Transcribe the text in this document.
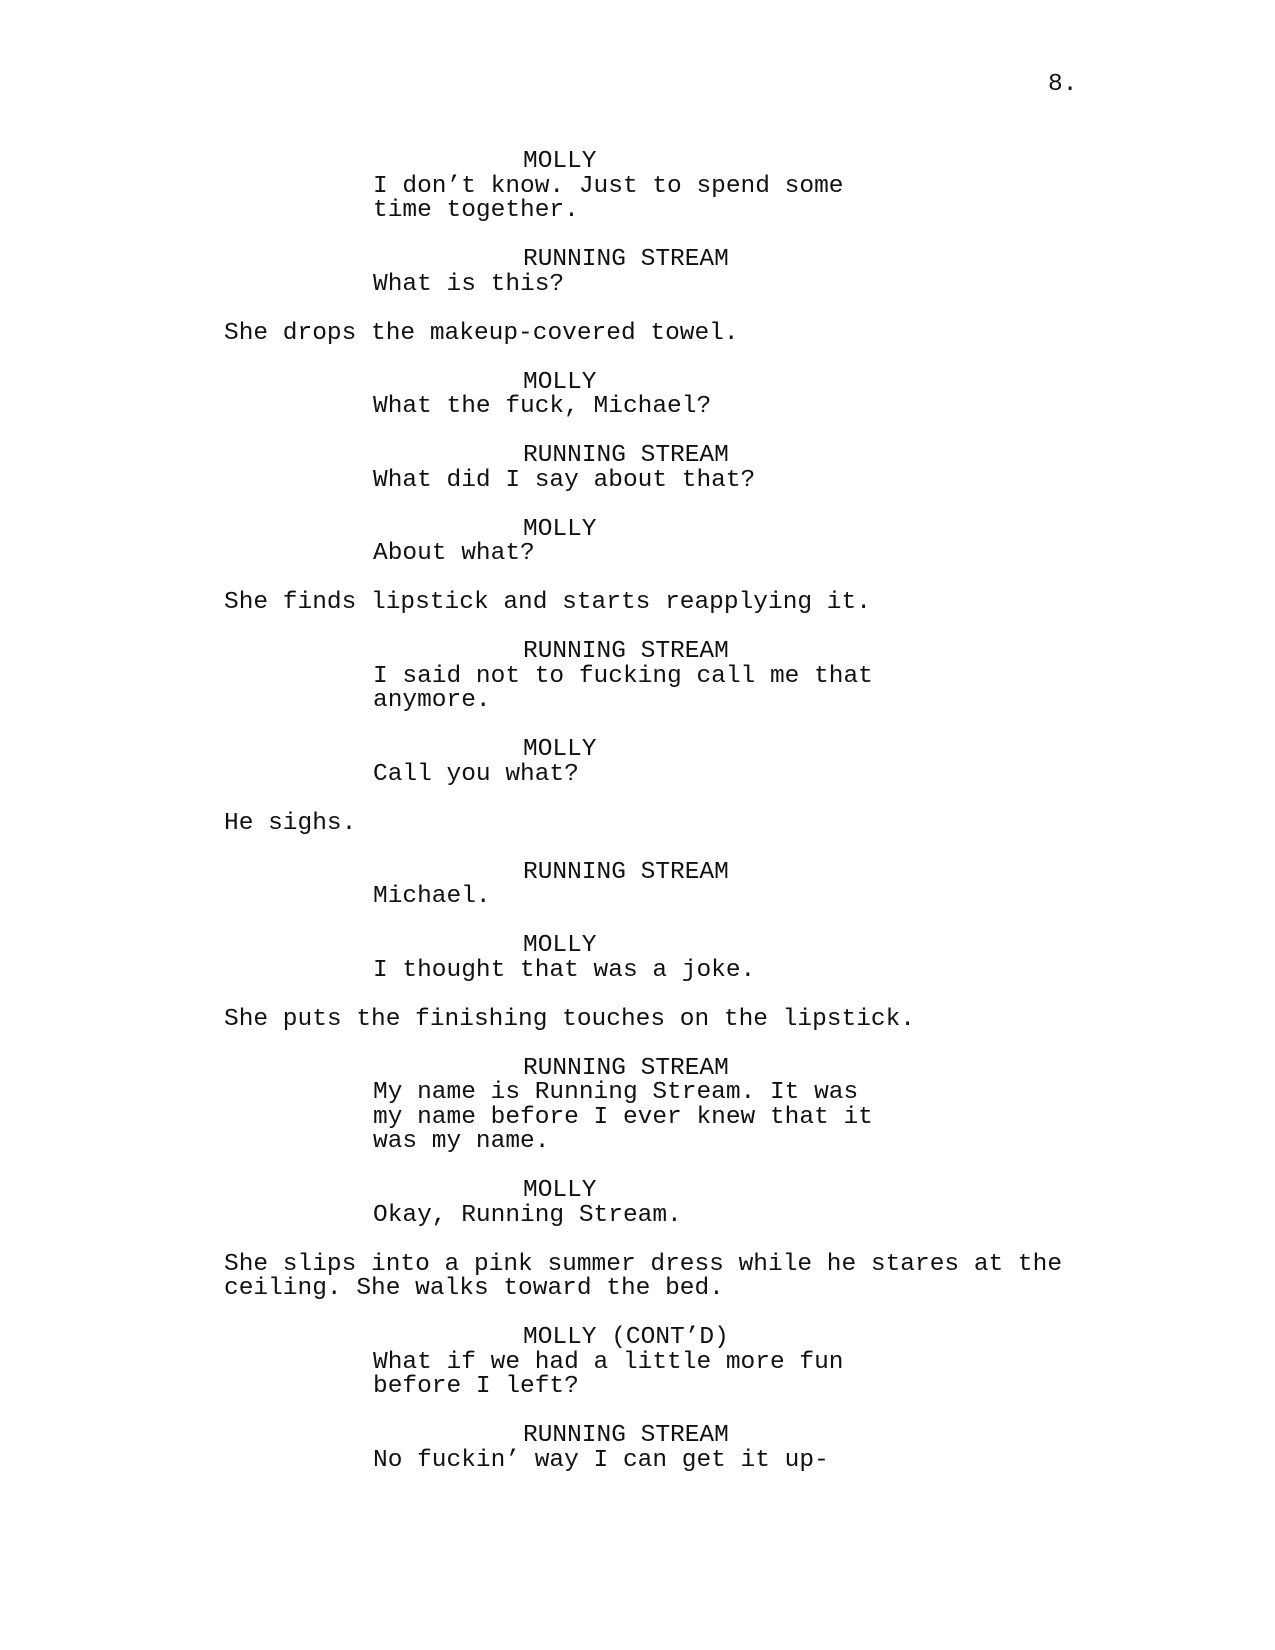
8.
MOLLY
I don’t know. Just to spend some
time together.
RUNNING STREAM
What is this?
She drops the makeup-covered towel.
MOLLY
What the fuck, Michael?
RUNNING STREAM
What did I say about that?
MOLLY
About what?
She finds lipstick and starts reapplying it.
RUNNING STREAM
I said not to fucking call me that
anymore.
MOLLY
Call you what?
He sighs.
RUNNING STREAM
Michael.
MOLLY
I thought that was a joke.
She puts the finishing touches on the lipstick.
RUNNING STREAM
My name is Running Stream. It was
my name before I ever knew that it
was my name.
MOLLY
Okay, Running Stream.
She slips into a pink summer dress while he stares at the
ceiling. She walks toward the bed.
MOLLY (CONT’D)
What if we had a little more fun
before I left?
RUNNING STREAM
No fuckin’ way I can get it up-
